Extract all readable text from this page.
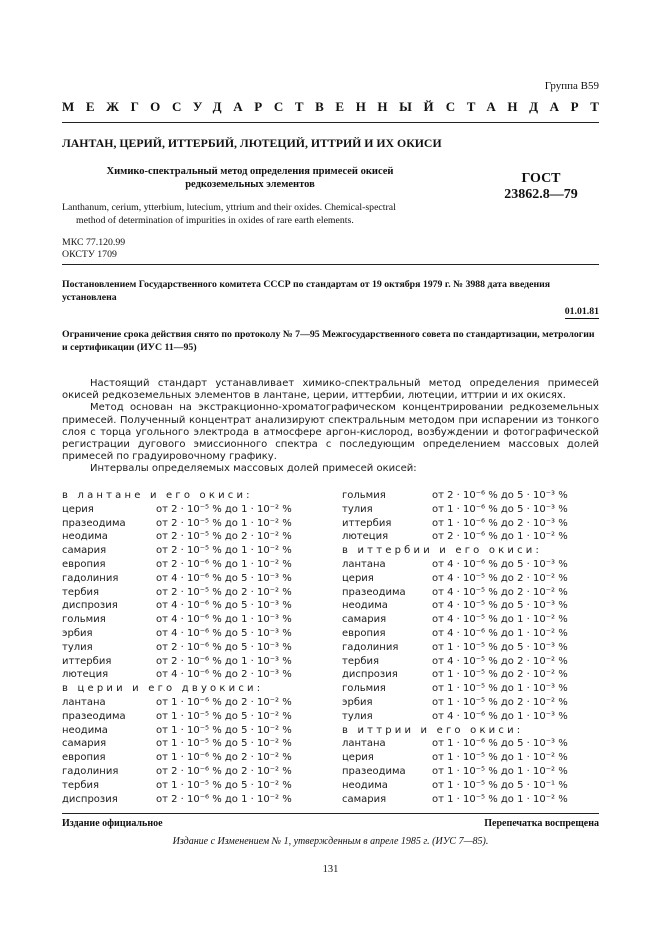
Группа В59
МЕЖГОСУДАРСТВЕННЫЙ СТАНДАРТ
ЛАНТАН, ЦЕРИЙ, ИТТЕРБИЙ, ЛЮТЕЦИЙ, ИТТРИЙ И ИХ ОКИСИ
Химико-спектральный метод определения примесей окисей
редкоземельных элементов	ГОСТ
23862.8—79

Lanthanum, cerium, ytterbium, lutecium, yttrium and their oxides. Chemical-spectral

method of determination of impurities in oxides of rare earth elements.

МКС 77.120.99
ОКСТУ 1709
Постановлением Государственного комитета СССР по стандартам от 19 октября 1979 г. № 3988 дата введения установлена
01.01.81
Ограничение срока действия снято по протоколу № 7—95 Межгосударственного совета по стандартизации, метрологии и сертификации (ИУС 11—95)

Настоящий стандарт устанавливает химико-спектральный метод определения примесей окисей редкоземельных элементов в лантане, церии, иттербии, лютеции, иттрии и их окисях.

Метод основан на экстракционно-хроматографическом концентрировании редкоземельных примесей. Полученный концентрат анализируют спектральным методом при испарении из тонкого слоя с торца угольного электрода в атмосфере аргон-кислород, возбуждении и фотографической регистрации дугового эмиссионного спектра с последующим определением массовых долей примесей по градуировочному графику.

Интервалы определяемых массовых долей примесей окисей:

в лантане и его окиси:
церия	от 2 · 10⁻⁵ % до 1 · 10⁻² %
празеодима	от 2 · 10⁻⁵ % до 1 · 10⁻² %
неодима	от 2 · 10⁻⁵ % до 2 · 10⁻² %
самария	от 2 · 10⁻⁵ % до 1 · 10⁻² %
европия	от 2 · 10⁻⁶ % до 1 · 10⁻² %
гадолиния	от 4 · 10⁻⁶ % до 5 · 10⁻³ %
тербия	от 2 · 10⁻⁵ % до 2 · 10⁻² %
диспрозия	от 4 · 10⁻⁶ % до 5 · 10⁻³ %
гольмия	от 4 · 10⁻⁶ % до 1 · 10⁻³ %
эрбия	от 4 · 10⁻⁶ % до 5 · 10⁻³ %
тулия	от 2 · 10⁻⁶ % до 5 · 10⁻³ %
иттербия	от 2 · 10⁻⁶ % до 1 · 10⁻³ %
лютеция	от 4 · 10⁻⁶ % до 2 · 10⁻³ %
в церии и его двуокиси:
лантана	от 1 · 10⁻⁶ % до 2 · 10⁻² %
празеодима	от 1 · 10⁻⁵ % до 5 · 10⁻² %
неодима	от 1 · 10⁻⁵ % до 5 · 10⁻² %
самария	от 1 · 10⁻⁵ % до 5 · 10⁻² %
европия	от 1 · 10⁻⁶ % до 2 · 10⁻² %
гадолиния	от 2 · 10⁻⁶ % до 2 · 10⁻² %
тербия	от 1 · 10⁻⁵ % до 5 · 10⁻² %
диспрозия	от 2 · 10⁻⁶ % до 1 · 10⁻² %
гольмия	от 2 · 10⁻⁶ % до 5 · 10⁻³ %
тулия	от 1 · 10⁻⁶ % до 5 · 10⁻³ %
иттербия	от 1 · 10⁻⁶ % до 2 · 10⁻³ %
лютеция	от 2 · 10⁻⁶ % до 1 · 10⁻² %
в иттербии и его окиси:
лантана	от 4 · 10⁻⁶ % до 5 · 10⁻³ %
церия	от 4 · 10⁻⁵ % до 2 · 10⁻² %
празеодима	от 4 · 10⁻⁵ % до 2 · 10⁻² %
неодима	от 4 · 10⁻⁵ % до 5 · 10⁻³ %
самария	от 4 · 10⁻⁵ % до 1 · 10⁻² %
европия	от 4 · 10⁻⁶ % до 1 · 10⁻² %
гадолиния	от 1 · 10⁻⁵ % до 5 · 10⁻³ %
тербия	от 4 · 10⁻⁵ % до 2 · 10⁻² %
диспрозия	от 1 · 10⁻⁵ % до 2 · 10⁻² %
гольмия	от 1 · 10⁻⁵ % до 1 · 10⁻³ %
эрбия	от 1 · 10⁻⁵ % до 2 · 10⁻² %
тулия	от 4 · 10⁻⁶ % до 1 · 10⁻³ %
в иттрии и его окиси:
лантана	от 1 · 10⁻⁶ % до 5 · 10⁻³ %
церия	от 1 · 10⁻⁵ % до 1 · 10⁻² %
празеодима	от 1 · 10⁻⁵ % до 1 · 10⁻² %
неодима	от 1 · 10⁻⁵ % до 5 · 10⁻¹ %
самария	от 1 · 10⁻⁵ % до 1 · 10⁻² %
Издание официальное	Перепечатка воспрещена
Издание с Изменением № 1, утвержденным в апреле 1985 г. (ИУС 7—85).
131
